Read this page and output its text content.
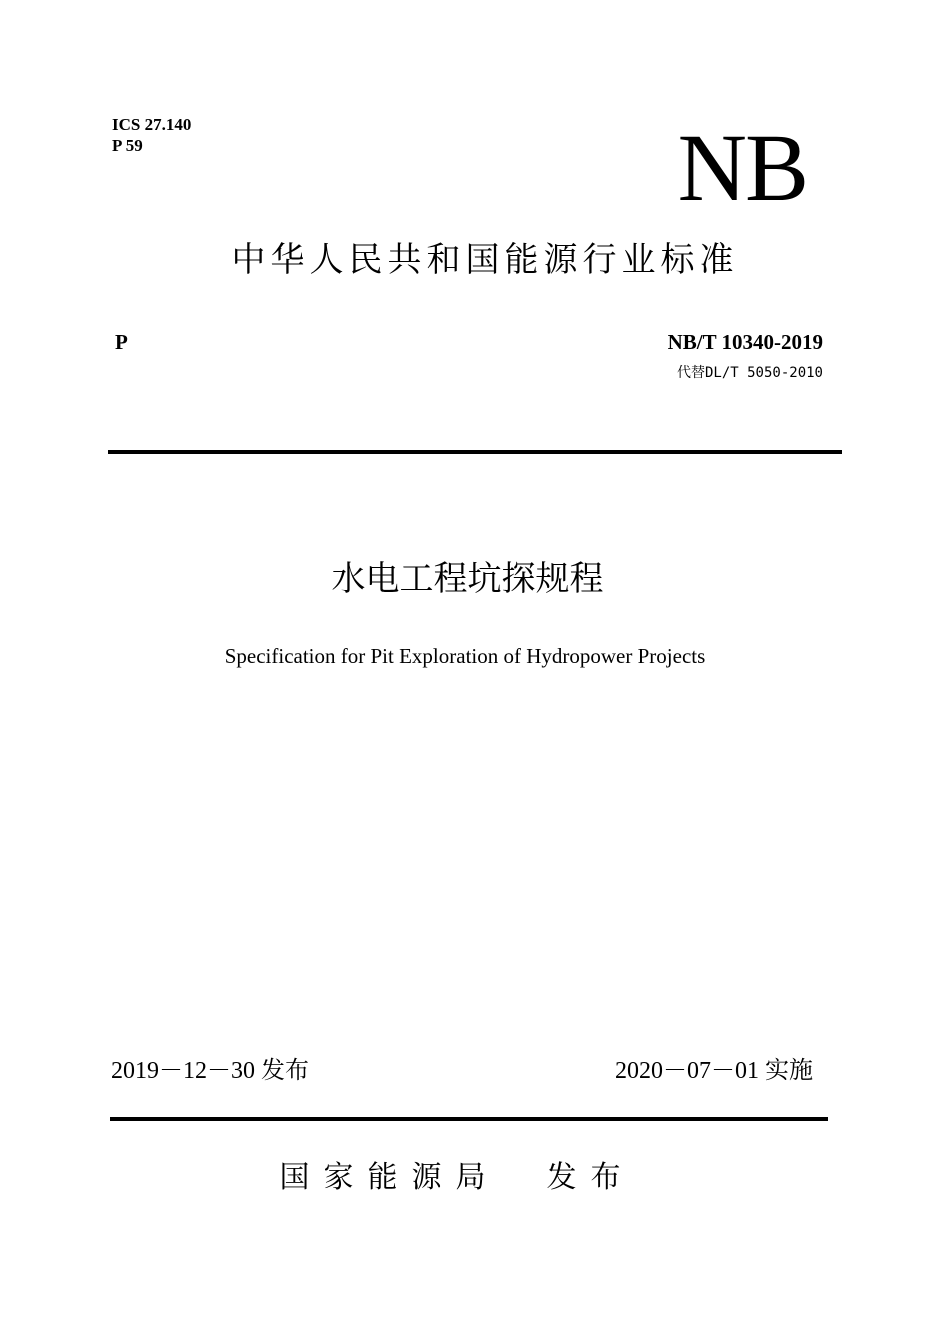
ICS 27.140
P 59	NB
中华人民共和国能源行业标准
P	NB/T 10340-2019
代替DL/T 5050-2010
水电工程坑探规程
Specification for Pit Exploration of Hydropower Projects
2019－12－30 发布	2020－07－01 实施
国家能源局  发布
